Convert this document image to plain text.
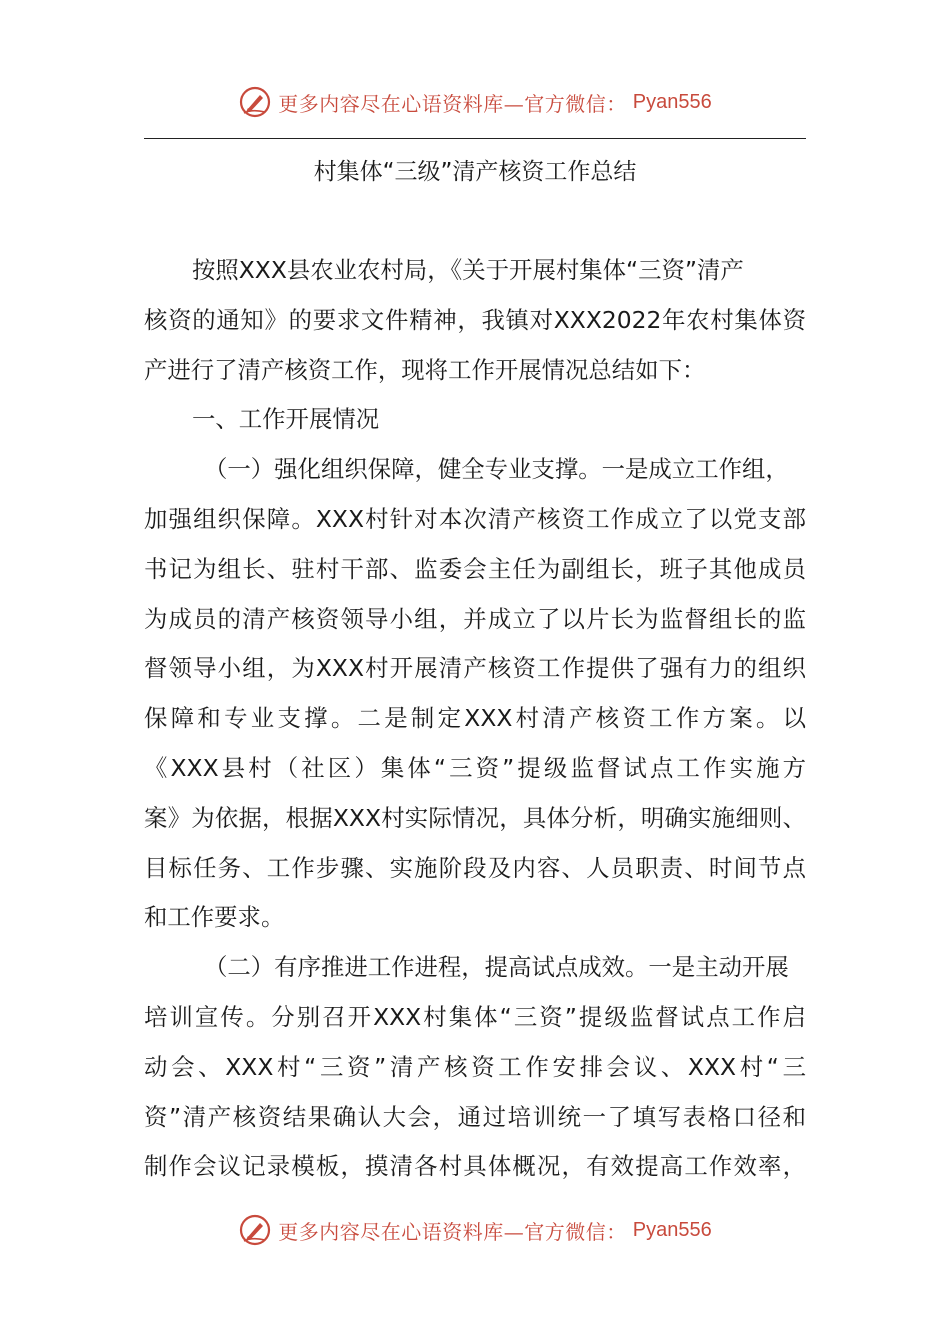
更多内容尽在心语资料库—官方微信： Pyan556
村集体“三级”清产核资工作总结
按照XXX县农业农村局，《关于开展村集体“三资”清产
核资的通知》的要求文件精神，我镇对XXX2022年农村集体资
产进行了清产核资工作，现将工作开展情况总结如下：
一、工作开展情况
（一）强化组织保障，健全专业支撑。一是成立工作组，
加强组织保障。XXX村针对本次清产核资工作成立了以党支部
书记为组长、驻村干部、监委会主任为副组长，班子其他成员
为成员的清产核资领导小组，并成立了以片长为监督组长的监
督领导小组，为XXX村开展清产核资工作提供了强有力的组织
保障和专业支撑。二是制定XXX村清产核资工作方案。以
《XXX县村（社区）集体“三资”提级监督试点工作实施方
案》为依据，根据XXX村实际情况，具体分析，明确实施细则、
目标任务、工作步骤、实施阶段及内容、人员职责、时间节点
和工作要求。
（二）有序推进工作进程，提高试点成效。一是主动开展
培训宣传。分别召开XXX村集体“三资”提级监督试点工作启
动会、XXX村“三资”清产核资工作安排会议、XXX村“三
资”清产核资结果确认大会，通过培训统一了填写表格口径和
制作会议记录模板，摸清各村具体概况，有效提高工作效率，
更多内容尽在心语资料库—官方微信： Pyan556
